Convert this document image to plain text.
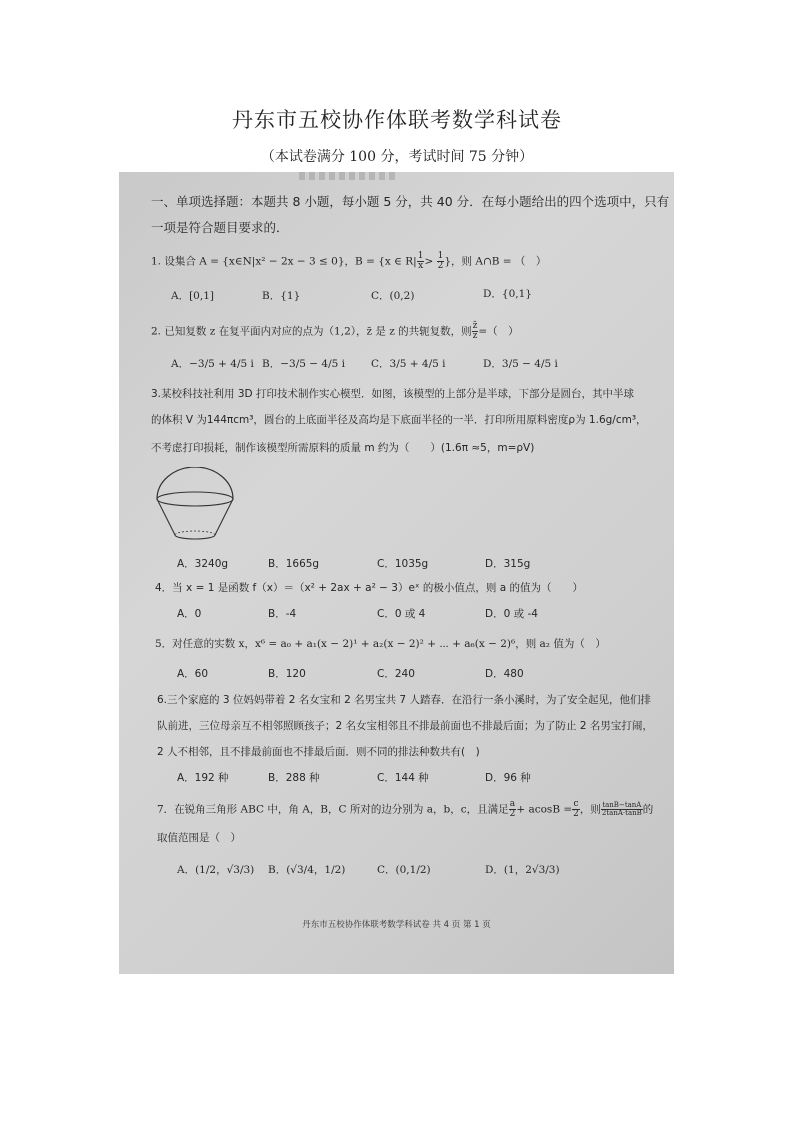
丹东市五校协作体联考数学科试卷
（本试卷满分 100 分，考试时间 75 分钟）
一、单项选择题：本题共 8 小题，每小题 5 分，共 40 分．在每小题给出的四个选项中，只有
一项是符合题目要求的．
1. 设集合 A = {x∈N|x² − 2x − 3 ≤ 0}，B = {x ∈ $R| \frac{1}{x} > \frac{1}{2}$ }，则 A∩B = （　）
A．[0,1]	B．{1}	C．(0,2)	D．{0,1}
2. 已知复数 z 在复平面内对应的点为（1,2），z̄ 是 z 的共轭复数，则 $\frac{z̄}{z}$ =（　）
A．−3/5 + 4/5 i B．−3/5 − 4/5 i C．3/5 + 4/5 i	D．3/5 − 4/5 i
3.某校科技社利用 3D 打印技术制作实心模型．如图，该模型的上部分是半球，下部分是圆台，其中半球
的体积 V 为144πcm³，圆台的上底面半径及高均是下底面半径的一半．打印所用原料密度ρ为 1.6g/cm³，
不考虑打印损耗，制作该模型所需原料的质量 m 约为（　　）(1.6π ≈5，m=ρV)
A．3240g	B．1665g	C．1035g	D．315g
4．当 x = 1 是函数 f（x）＝（x² + 2ax + a² − 3）eˣ 的极小值点，则 a 的值为（　　）
A．0	B．-4	C．0 或 4	D．0 或 -4
5．对任意的实数 x，x⁶ = a₀ + a₁(x − 2)¹ + a₂(x − 2)² + ⋯ + a₆(x − 2)⁶，则 a₂ 值为（　）
A．60	B．120	C．240	D．480
6.三个家庭的 3 位妈妈带着 2 名女宝和 2 名男宝共 7 人踏春．在沿行一条小溪时，为了安全起见，他们排
队前进，三位母亲互不相邻照顾孩子；2 名女宝相邻且不排最前面也不排最后面；为了防止 2 名男宝打闹，
2 人不相邻，且不排最前面也不排最后面．则不同的排法种数共有(　)
A．192 种	B．288 种	C．144 种	D．96 种
7．在锐角三角形 ABC 中，角 A，B，C 所对的边分别为 a，b，c，且满足 $\frac{a}{2} + acosB = \frac{c}{2}$ ，则 $\frac{\tan B-\tan A}{2\tan A\cdot\tan B}$ 的
取值范围是（　）
A．(1/2，√3/3) B．(√3/4，1/2)	C．(0,1/2)	D．(1，2√3/3)
丹东市五校协作体联考数学科试卷 共 4 页 第 1 页
